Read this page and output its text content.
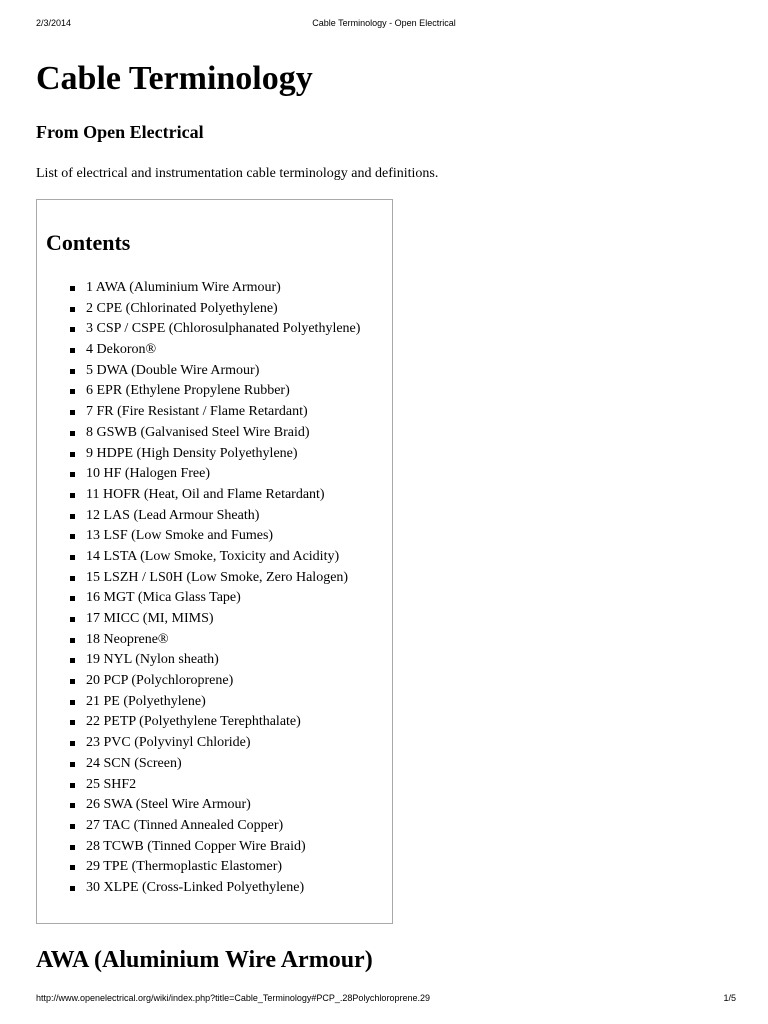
2/3/2014	Cable Terminology - Open Electrical
Cable Terminology
From Open Electrical

List of electrical and instrumentation cable terminology and definitions.

Contents
1 AWA (Aluminium Wire Armour)
2 CPE (Chlorinated Polyethylene)
3 CSP / CSPE (Chlorosulphanated Polyethylene)
4 Dekoron®
5 DWA (Double Wire Armour)
6 EPR (Ethylene Propylene Rubber)
7 FR (Fire Resistant / Flame Retardant)
8 GSWB (Galvanised Steel Wire Braid)
9 HDPE (High Density Polyethylene)
10 HF (Halogen Free)
11 HOFR (Heat, Oil and Flame Retardant)
12 LAS (Lead Armour Sheath)
13 LSF (Low Smoke and Fumes)
14 LSTA (Low Smoke, Toxicity and Acidity)
15 LSZH / LS0H (Low Smoke, Zero Halogen)
16 MGT (Mica Glass Tape)
17 MICC (MI, MIMS)
18 Neoprene®
19 NYL (Nylon sheath)
20 PCP (Polychloroprene)
21 PE (Polyethylene)
22 PETP (Polyethylene Terephthalate)
23 PVC (Polyvinyl Chloride)
24 SCN (Screen)
25 SHF2
26 SWA (Steel Wire Armour)
27 TAC (Tinned Annealed Copper)
28 TCWB (Tinned Copper Wire Braid)
29 TPE (Thermoplastic Elastomer)
30 XLPE (Cross-Linked Polyethylene)
AWA (Aluminium Wire Armour)
http://www.openelectrical.org/wiki/index.php?title=Cable_Terminology#PCP_.28Polychloroprene.29	1/5
